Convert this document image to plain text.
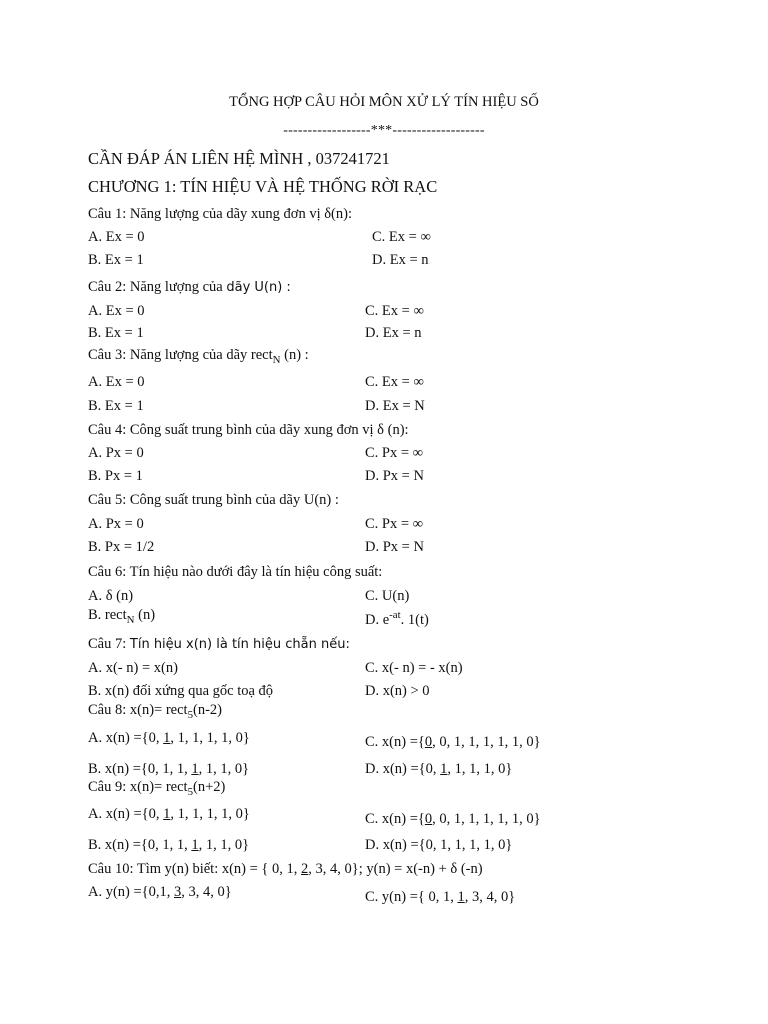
TỔNG HỢP CÂU HỎI MÔN XỬ LÝ TÍN HIỆU SỐ
------------------***-------------------
CẦN ĐÁP ÁN LIÊN HỆ MÌNH , 037241721
CHƯƠNG 1: TÍN HIỆU VÀ HỆ THỐNG RỜI RẠC
Câu 1: Năng lượng của dãy xung đơn vị δ(n):
A. Ex = 0	C. Ex = ∞
B. Ex = 1	D. Ex = n
Câu 2: Năng lượng của dãy U(n) :
A. Ex = 0	C. Ex = ∞
B. Ex = 1	D. Ex = n
Câu 3: Năng lượng của dãy rect$_N$ (n) :
A. Ex = 0	C. Ex = ∞
B. Ex = 1	D. Ex = N
Câu 4: Công suất trung bình của dãy xung đơn vị δ (n):
A. Px = 0	C. Px = ∞
B. Px = 1	D. Px = N
Câu 5: Công suất trung bình của dãy U(n) :
A. Px = 0	C. Px = ∞
B. Px = 1/2	D. Px = N
Câu 6: Tín hiệu nào dưới đây là tín hiệu công suất:
A. δ (n)	C. U(n)
B. rect$_N$ (n)	D. $e^{-at}$. 1(t)
Câu 7: Tín hiệu x(n) là tín hiệu chẵn nếu:
A. x(- n) = x(n)	C. x(- n) = - x(n)
B. x(n) đối xứng qua gốc toạ độ	D. x(n) > 0
Câu 8: x(n)= rect$_5$(n-2)
A. x(n) ={0, 1, 1, 1, 1, 1, 0}	C. x(n) ={0, 0, 1, 1, 1, 1, 1, 0}
B. x(n) ={0, 1, 1, 1, 1, 1, 0}	D. x(n) ={0, 1, 1, 1, 1, 0}
Câu 9: x(n)= rect$_5$(n+2)
A. x(n) ={0, 1, 1, 1, 1, 1, 0}	C. x(n) ={0, 0, 1, 1, 1, 1, 1, 0}
B. x(n) ={0, 1, 1, 1, 1, 1, 0}	D. x(n) ={0, 1, 1, 1, 1, 0}
Câu 10: Tìm y(n) biết: x(n) = { 0, 1, 2, 3, 4, 0}; y(n) = x(-n) + δ (-n)
A. y(n) ={0,1, 3, 3, 4, 0}	C. y(n) ={ 0, 1, 1, 3, 4, 0}
